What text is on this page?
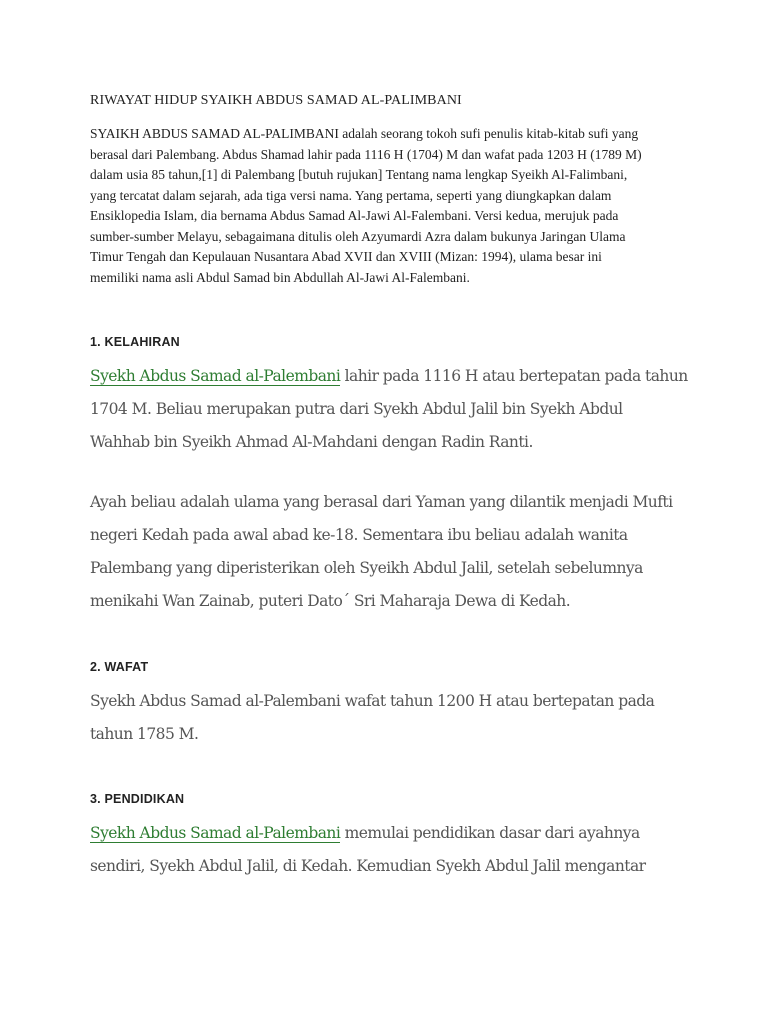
RIWAYAT HIDUP SYAIKH ABDUS SAMAD AL-PALIMBANI
SYAIKH ABDUS SAMAD AL-PALIMBANI adalah seorang tokoh sufi penulis kitab-kitab sufi yang berasal dari Palembang. Abdus Shamad lahir pada 1116 H (1704) M dan wafat pada 1203 H (1789 M) dalam usia 85 tahun,[1] di Palembang [butuh rujukan] Tentang nama lengkap Syeikh Al-Falimbani, yang tercatat dalam sejarah, ada tiga versi nama. Yang pertama, seperti yang diungkapkan dalam Ensiklopedia Islam, dia bernama Abdus Samad Al-Jawi Al-Falembani. Versi kedua, merujuk pada sumber-sumber Melayu, sebagaimana ditulis oleh Azyumardi Azra dalam bukunya Jaringan Ulama Timur Tengah dan Kepulauan Nusantara Abad XVII dan XVIII (Mizan: 1994), ulama besar ini memiliki nama asli Abdul Samad bin Abdullah Al-Jawi Al-Falembani.
1. KELAHIRAN
Syekh Abdus Samad al-Palembani lahir pada 1116 H atau bertepatan pada tahun
1704 M. Beliau merupakan putra dari Syekh Abdul Jalil bin Syekh Abdul
Wahhab bin Syeikh Ahmad Al-Mahdani dengan Radin Ranti.
Ayah beliau adalah ulama yang berasal dari Yaman yang dilantik menjadi Mufti
negeri Kedah pada awal abad ke-18. Sementara ibu beliau adalah wanita
Palembang yang diperisterikan oleh Syeikh Abdul Jalil, setelah sebelumnya
menikahi Wan Zainab, puteri Dato´ Sri Maharaja Dewa di Kedah.
2. WAFAT
Syekh Abdus Samad al-Palembani wafat tahun 1200 H atau bertepatan pada
tahun 1785 M.
3. PENDIDIKAN
Syekh Abdus Samad al-Palembani memulai pendidikan dasar dari ayahnya
sendiri, Syekh Abdul Jalil, di Kedah. Kemudian Syekh Abdul Jalil mengantar
